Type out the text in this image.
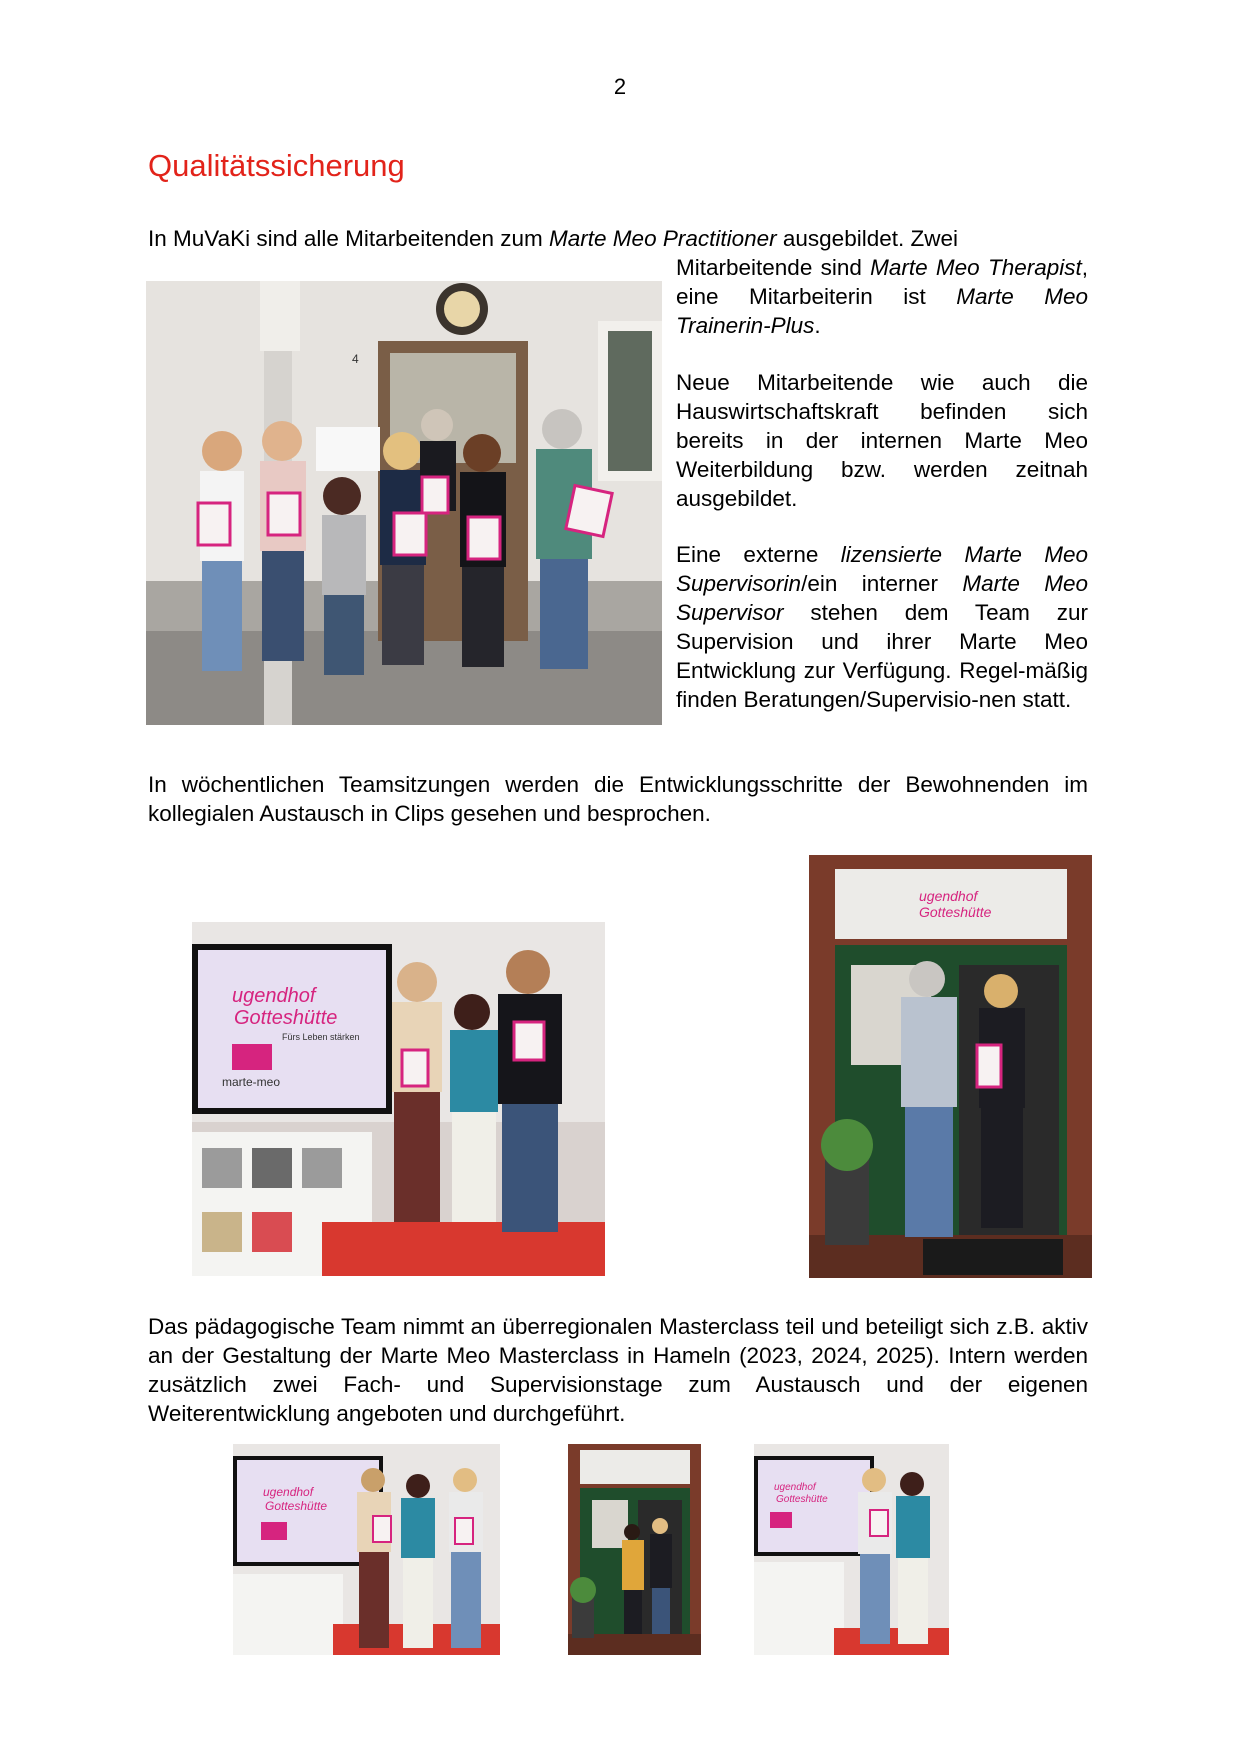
2
Qualitätssicherung

In MuVaKi sind alle Mitarbeitenden zum Marte Meo Practitioner ausgebildet. Zwei

Mitarbeitende sind Marte Meo Therapist, eine Mitarbeiterin ist Marte Meo Trainerin-Plus.

Neue Mitarbeitende wie auch die Hauswirtschaftskraft befinden sich bereits in der internen Marte Meo Weiterbildung bzw. werden zeitnah ausgebildet.

Eine externe lizensierte Marte Meo Supervisorin/ein interner Marte Meo Supervisor stehen dem Team zur Supervision und ihrer Marte Meo Entwicklung zur Verfügung. Regel-mäßig finden Beratungen/Supervisio-nen statt.

4

In wöchentlichen Teamsitzungen werden die Entwicklungsschritte der Bewohnenden im kollegialen Austausch in Clips gesehen und besprochen.

ugendhof
Gotteshütte
Fürs Leben stärken
marte-meo
ugendhof
Gotteshütte

Das pädagogische Team nimmt an überregionalen Masterclass teil und beteiligt sich z.B. aktiv an der Gestaltung der Marte Meo Masterclass in Hameln (2023, 2024, 2025). Intern werden zusätzlich zwei Fach- und Supervisionstage zum Austausch und der eigenen Weiterentwicklung angeboten und durchgeführt.

ugendhof
Gotteshütte
ugendhof
Gotteshütte
